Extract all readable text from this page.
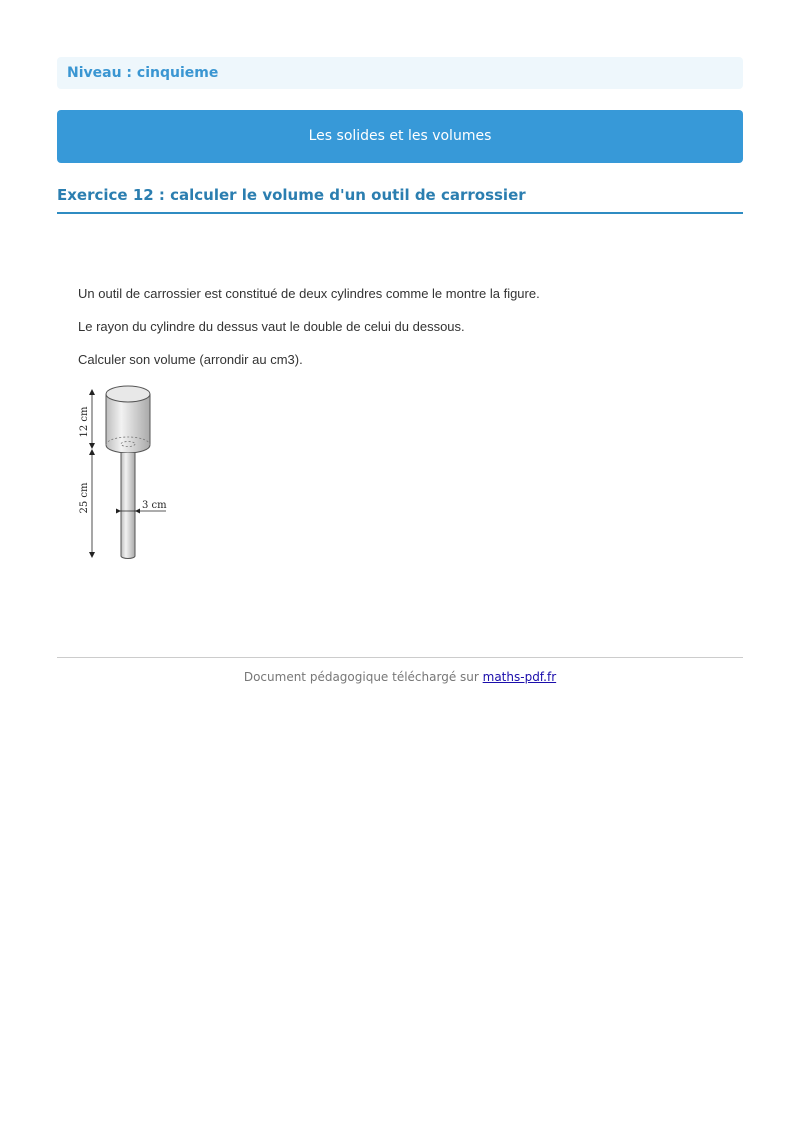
Niveau : cinquieme
Les solides et les volumes
Exercice 12 : calculer le volume d'un outil de carrossier

Un outil de carrossier est constitué de deux cylindres comme le montre la figure.

Le rayon du cylindre du dessus vaut le double de celui du dessous.

Calculer son volume (arrondir au cm3).

12 cm
25 cm	3 cm
Document pédagogique téléchargé sur maths-pdf.fr
